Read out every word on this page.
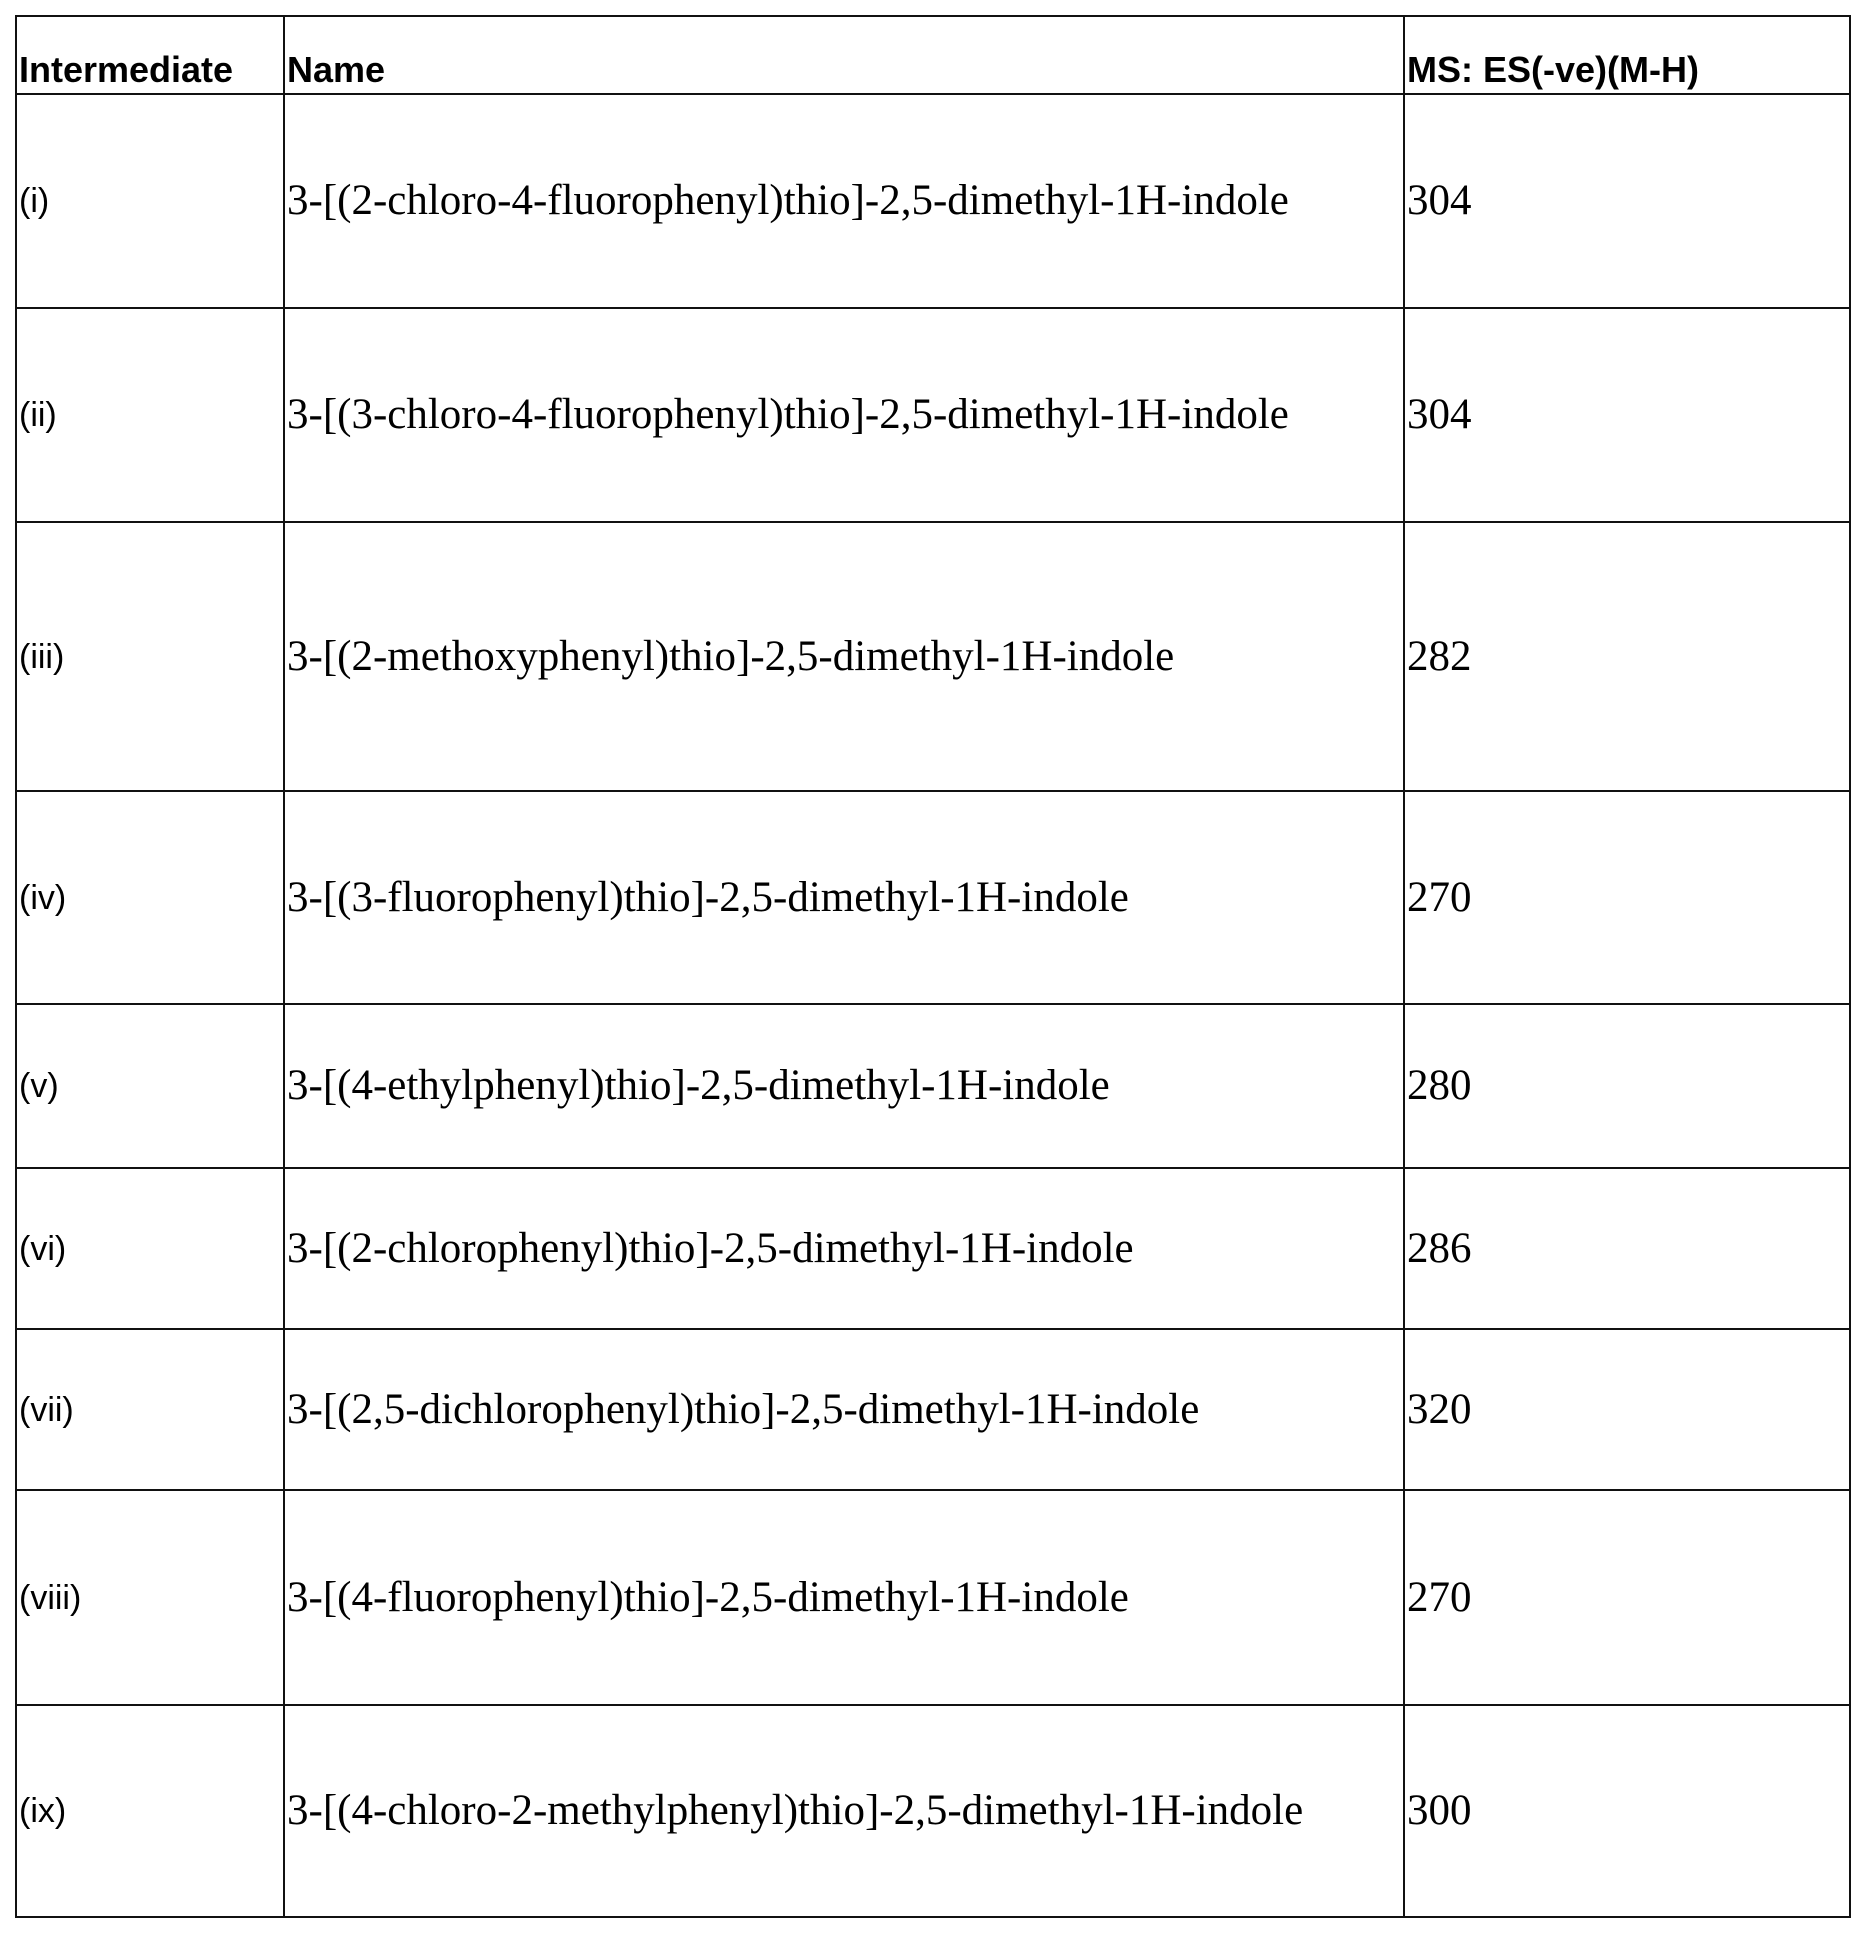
Intermediate	Name	MS: ES(-ve)(M-H)
(i)	3-[(2-chloro-4-fluorophenyl)thio]-2,5-dimethyl-1H-indole	304
(ii)	3-[(3-chloro-4-fluorophenyl)thio]-2,5-dimethyl-1H-indole	304
(iii)	3-[(2-methoxyphenyl)thio]-2,5-dimethyl-1H-indole	282
(iv)	3-[(3-fluorophenyl)thio]-2,5-dimethyl-1H-indole	270
(v)	3-[(4-ethylphenyl)thio]-2,5-dimethyl-1H-indole	280
(vi)	3-[(2-chlorophenyl)thio]-2,5-dimethyl-1H-indole	286
(vii)	3-[(2,5-dichlorophenyl)thio]-2,5-dimethyl-1H-indole	320
(viii)	3-[(4-fluorophenyl)thio]-2,5-dimethyl-1H-indole	270
(ix)	3-[(4-chloro-2-methylphenyl)thio]-2,5-dimethyl-1H-indole	300
